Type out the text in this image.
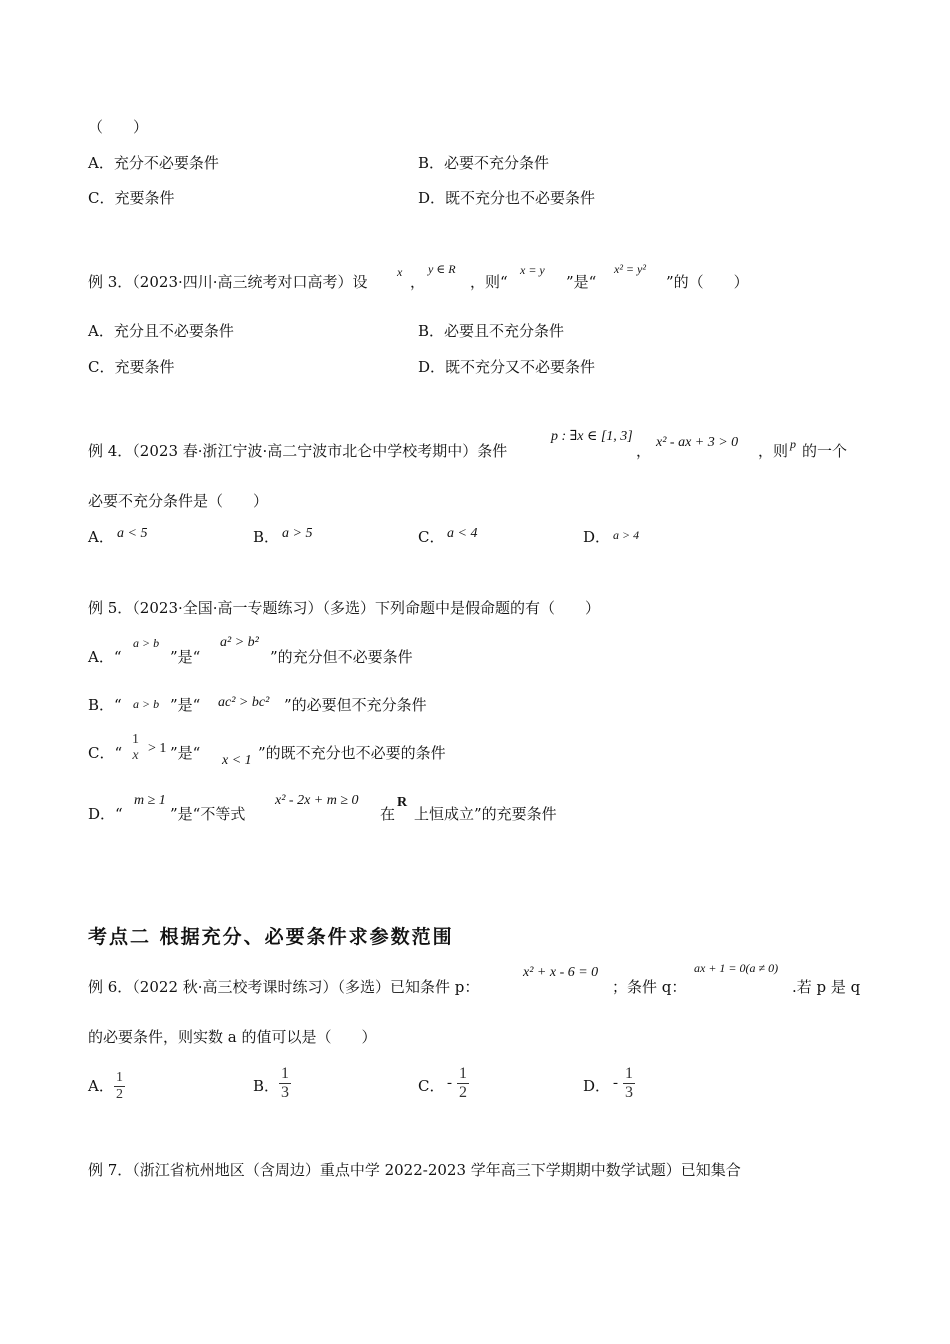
（　　）
A．充分不必要条件	B．必要不充分条件
C．充要条件	D．既不充分也不必要条件
例 3．（2023·四川·高三统考对口高考）设
x
，
y ∈ R
，则“
x = y
”是“
x² = y²
”的（　　）
A．充分且不必要条件	B．必要且不充分条件
C．充要条件	D．既不充分又不必要条件
例 4．（2023 春·浙江宁波·高二宁波市北仑中学校考期中）条件
p : ∃x ∈ [1, 3]
， x² - ax + 3 > 0 ，则 p 的一个
必要不充分条件是（　　）
A． a < 5	B． a > 5	C． a < 4	D． a > 4
例 5．（2023·全国·高一专题练习）（多选）下列命题中是假命题的有（　　）
A．“
a > b
”是“
a² > b²
”的充分但不必要条件
B．“ a > b ”是“ ac² > bc² ”的必要但不充分条件
C．“
1
x > 1 ”是“ x < 1 ”的既不充分也不必要的条件
D．“
m ≥ 1
”是“不等式
x² - 2x + m ≥ 0
在
R
上恒成立”的充要条件
考点二 根据充分、必要条件求参数范围
例 6．（2022 秋·高三校考课时练习）（多选）已知条件 p：
x² + x - 6 = 0
；条件 q：
ax + 1 = 0(a ≠ 0)
.若 p 是 q
的必要条件，则实数 a 的值可以是（　　）
A． $\frac{1}{2}$	B． $\frac{1}{3}$	C． - $\frac{1}{2}$	D． - $\frac{1}{3}$
例 7．（浙江省杭州地区（含周边）重点中学 2022-2023 学年高三下学期期中数学试题）已知集合
